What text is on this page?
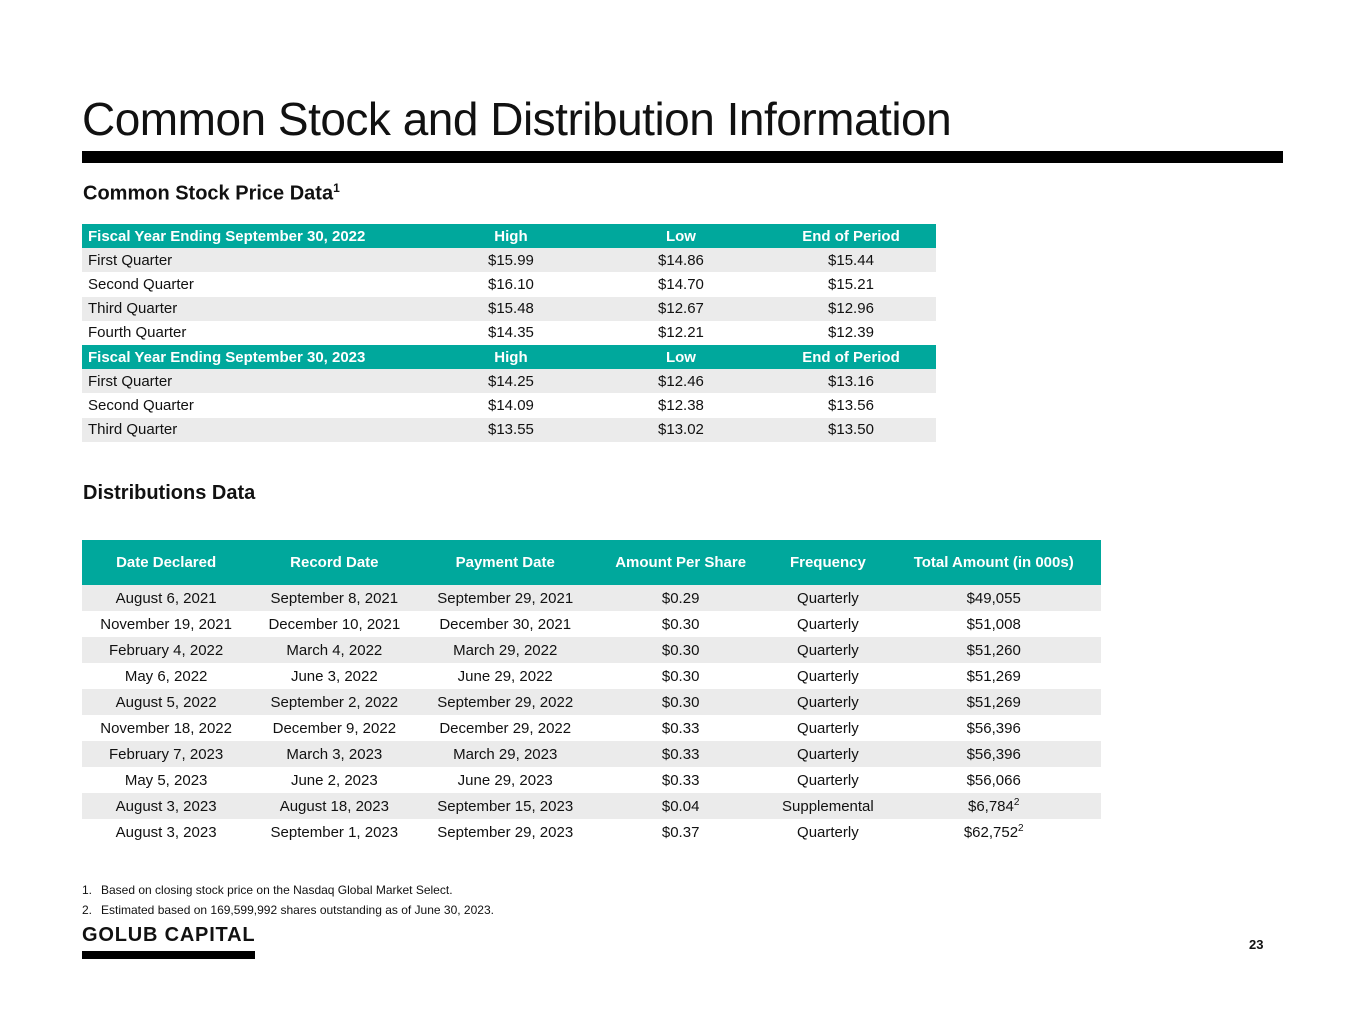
Common Stock and Distribution Information
Common Stock Price Data$^1$
Fiscal Year Ending September 30, 2022	High	Low	End of Period
First Quarter	$15.99	$14.86	$15.44
Second Quarter	$16.10	$14.70	$15.21
Third Quarter	$15.48	$12.67	$12.96
Fourth Quarter	$14.35	$12.21	$12.39
Fiscal Year Ending September 30, 2023	High	Low	End of Period
First Quarter	$14.25	$12.46	$13.16
Second Quarter	$14.09	$12.38	$13.56
Third Quarter	$13.55	$13.02	$13.50
Distributions Data
Date Declared	Record Date	Payment Date	Amount Per Share	Frequency	Total Amount (in 000s)
August 6, 2021	September 8, 2021	September 29, 2021	$0.29	Quarterly	$49,055
November 19, 2021	December 10, 2021	December 30, 2021	$0.30	Quarterly	$51,008
February 4, 2022	March 4, 2022	March 29, 2022	$0.30	Quarterly	$51,260
May 6, 2022	June 3, 2022	June 29, 2022	$0.30	Quarterly	$51,269
August 5, 2022	September 2, 2022	September 29, 2022	$0.30	Quarterly	$51,269
November 18, 2022	December 9, 2022	December 29, 2022	$0.33	Quarterly	$56,396
February 7, 2023	March 3, 2023	March 29, 2023	$0.33	Quarterly	$56,396
May 5, 2023	June 2, 2023	June 29, 2023	$0.33	Quarterly	$56,066
August 3, 2023	August 18, 2023	September 15, 2023	$0.04	Supplemental	$6,784$^2$
August 3, 2023	September 1, 2023	September 29, 2023	$0.37	Quarterly	$62,752$^2$
1. Based on closing stock price on the Nasdaq Global Market Select.
2. Estimated based on 169,599,992 shares outstanding as of June 30, 2023.
GOLUB CAPITAL	23
